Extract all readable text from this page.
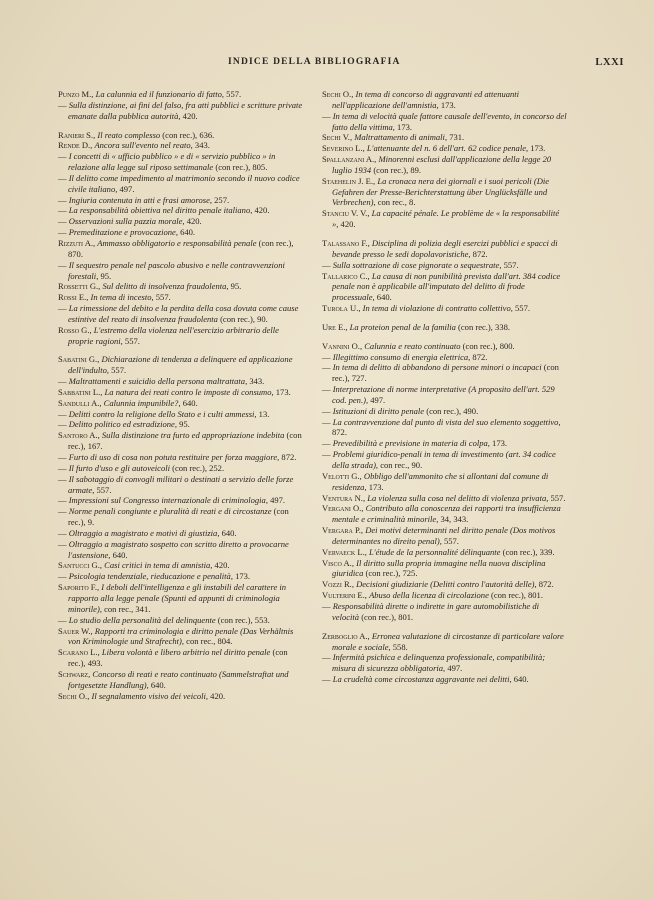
INDICE DELLA BIBLIOGRAFIA	LXXI

Punzo M., La calunnia ed il funzionario di fatto, 557.

— Sulla distinzione, ai fini del falso, fra atti pubblici e scritture private emanate dalla pubblica autorità, 420.

Ranieri S., Il reato complesso (con rec.), 636.

Rende D., Ancora sull'evento nel reato, 343.

— I concetti di « ufficio pubblico » e di « servizio pubblico » in relazione alla legge sul riposo settimanale (con rec.), 805.

— Il delitto come impedimento al matrimonio secondo il nuovo codice civile italiano, 497.

— Ingiuria contenuta in atti e frasi amorose, 257.

— La responsabilità obiettiva nel diritto penale italiano, 420.

— Osservazioni sulla pazzia morale, 420.

— Premeditazione e provocazione, 640.

Rizzuti A., Ammasso obbligatorio e responsabilità penale (con rec.), 870.

— Il sequestro penale nel pascolo abusivo e nelle contravvenzioni forestali, 95.

Rossetti G., Sul delitto di insolvenza fraudolenta, 95.

Rossi E., In tema di incesto, 557.

— La rimessione del debito e la perdita della cosa dovuta come cause estintive del reato di insolvenza fraudolenta (con rec.), 90.

Rosso G., L'estremo della violenza nell'esercizio arbitrario delle proprie ragioni, 557.

Sabatini G., Dichiarazione di tendenza a delinquere ed applicazione dell'indulto, 557.

— Maltrattamenti e suicidio della persona maltrattata, 343.

Sabbatini L., La natura dei reati contro le imposte di consumo, 173.

Sandulli A., Calunnia impunibile?, 640.

— Delitti contro la religione dello Stato e i culti ammessi, 13.

— Delitto politico ed estradizione, 95.

Santoro A., Sulla distinzione tra furto ed appropriazione indebita (con rec.), 167.

— Furto di uso di cosa non potuta restituire per forza maggiore, 872.

— Il furto d'uso e gli autoveicoli (con rec.), 252.

— Il sabotaggio di convogli militari o destinati a servizio delle forze armate, 557.

— Impressioni sul Congresso internazionale di criminologia, 497.

— Norme penali congiunte e pluralità di reati e di circostanze (con rec.), 9.

— Oltraggio a magistrato e motivi di giustizia, 640.

— Oltraggio a magistrato sospetto con scritto diretto a provocarne l'astensione, 640.

Santucci G., Casi critici in tema di amnistia, 420.

— Psicologia tendenziale, rieducazione e penalità, 173.

Saporito F., I deboli dell'intelligenza e gli instabili del carattere in rapporto alla legge penale (Spunti ed appunti di criminologia minorile), con rec., 341.

— Lo studio della personalità del delinquente (con rec.), 553.

Sauer W., Rapporti tra criminologia e diritto penale (Das Verhältnis von Kriminologie und Strafrecht), con rec., 804.

Scarano L., Libera volontà e libero arbitrio nel diritto penale (con rec.), 493.

Schwarz, Concorso di reati e reato continuato (Sammelstraftat und fortgesetzte Handlung), 640.

Sechi O., Il segnalamento visivo dei veicoli, 420.

Sechi O., In tema di concorso di aggravanti ed attenuanti nell'applicazione dell'amnistia, 173.

— In tema di velocità quale fattore causale dell'evento, in concorso del fatto della vittima, 173.

Sechi V., Maltrattamento di animali, 731.

Severino L., L'attenuante del n. 6 dell'art. 62 codice penale, 173.

Spallanzani A., Minorenni esclusi dall'applicazione della legge 20 luglio 1934 (con rec.), 89.

Staehelin J. E., La cronaca nera dei giornali e i suoi pericoli (Die Gefahren der Presse-Berichterstattung über Unglücksfälle und Verbrechen), con rec., 8.

Stanciu V. V., La capacité pénale. Le problème de « la responsabilité », 420.

Talassano F., Disciplina di polizia degli esercizi pubblici e spacci di bevande presso le sedi dopolavoristiche, 872.

— Sulla sottrazione di cose pignorate o sequestrate, 557.

Tallarico C., La causa di non punibilità prevista dall'art. 384 codice penale non è applicabile all'imputato del delitto di frode processuale, 640.

Turola U., In tema di violazione di contratto collettivo, 557.

Ure E., La proteion penal de la familia (con rec.), 338.

Vannini O., Calunnia e reato continuato (con rec.), 800.

— Illegittimo consumo di energia elettrica, 872.

— In tema di delitto di abbandono di persone minori o incapaci (con rec.), 727.

— Interpretazione di norme interpretative (A proposito dell'art. 529 cod. pen.), 497.

— Istituzioni di diritto penale (con rec.), 490.

— La contravvenzione dal punto di vista del suo elemento soggettivo, 872.

— Prevedibilità e previsione in materia di colpa, 173.

— Problemi giuridico-penali in tema di investimento (art. 34 codice della strada), con rec., 90.

Velotti G., Obbligo dell'ammonito che si allontani dal comune di residenza, 173.

Ventura N., La violenza sulla cosa nel delitto di violenza privata, 557.

Vergani O., Contributo alla conoscenza dei rapporti tra insufficienza mentale e criminalità minorile, 34, 343.

Vergara P., Dei motivi determinanti nel diritto penale (Dos motivos determinantes no direito penal), 557.

Vervaeck L., L'étude de la personnalité délinquante (con rec.), 339.

Visco A., Il diritto sulla propria immagine nella nuova disciplina giuridica (con rec.), 725.

Vozzi R., Decisioni giudiziarie (Delitti contro l'autorità delle), 872.

Vulterini E., Abuso della licenza di circolazione (con rec.), 801.

— Responsabilità dirette o indirette in gare automobilistiche di velocità (con rec.), 801.

Zerboglio A., Erronea valutazione di circostanze di particolare valore morale e sociale, 558.

— Infermità psichica e delinquenza professionale, compatibilità; misura di sicurezza obbligatoria, 497.

— La crudeltà come circostanza aggravante nei delitti, 640.
